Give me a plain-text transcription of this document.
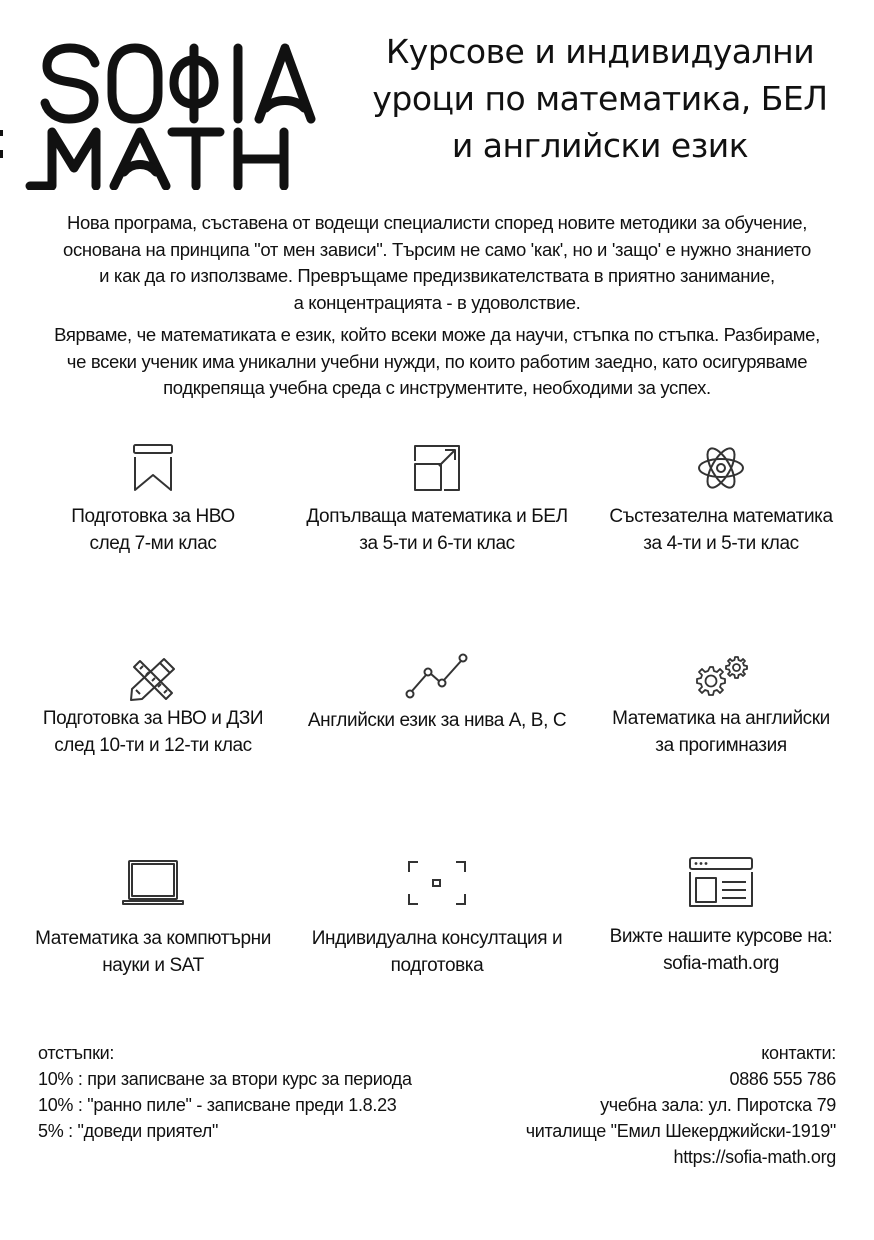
Курсове и индивидуални
уроци по математика, БЕЛ
и английски език

Нова програма, съставена от водещи специалисти според новите методики за обучение,
основана на принципа "от мен зависи". Търсим не само 'как', но и 'защо' е нужно знанието
и как да го използваме. Превръщаме предизвикателствата в приятно занимание,
а концентрацията - в удоволствие.

Вярваме, че математиката е език, който всеки може да научи, стъпка по стъпка. Разбираме,
че всеки ученик има уникални учебни нужди, по които работим заедно, като осигуряваме
подкрепяща учебна среда с инструментите, необходими за успех.

Подготовка за НВО
след 7-ми клас
Допълваща математика и БЕЛ
за 5-ти и 6-ти клас
Състезателна математика
за 4-ти и 5-ти клас
Подготовка за НВО и ДЗИ
след 10-ти и 12-ти клас
Английски език за нива A, B, C	Математика на английски
за прогимназия
Математика за компютърни
науки и SAT
Индивидуална консултация и
подготовка
Вижте нашите курсове на:
sofia-math.org
отстъпки:
10% : при записване за втори курс за периода
10% : "ранно пиле" - записване преди 1.8.23
5% : "доведи приятел"
контакти:
0886 555 786
учебна зала: ул. Пиротска 79
читалище "Емил Шекерджийски-1919"
https://sofia-math.org
